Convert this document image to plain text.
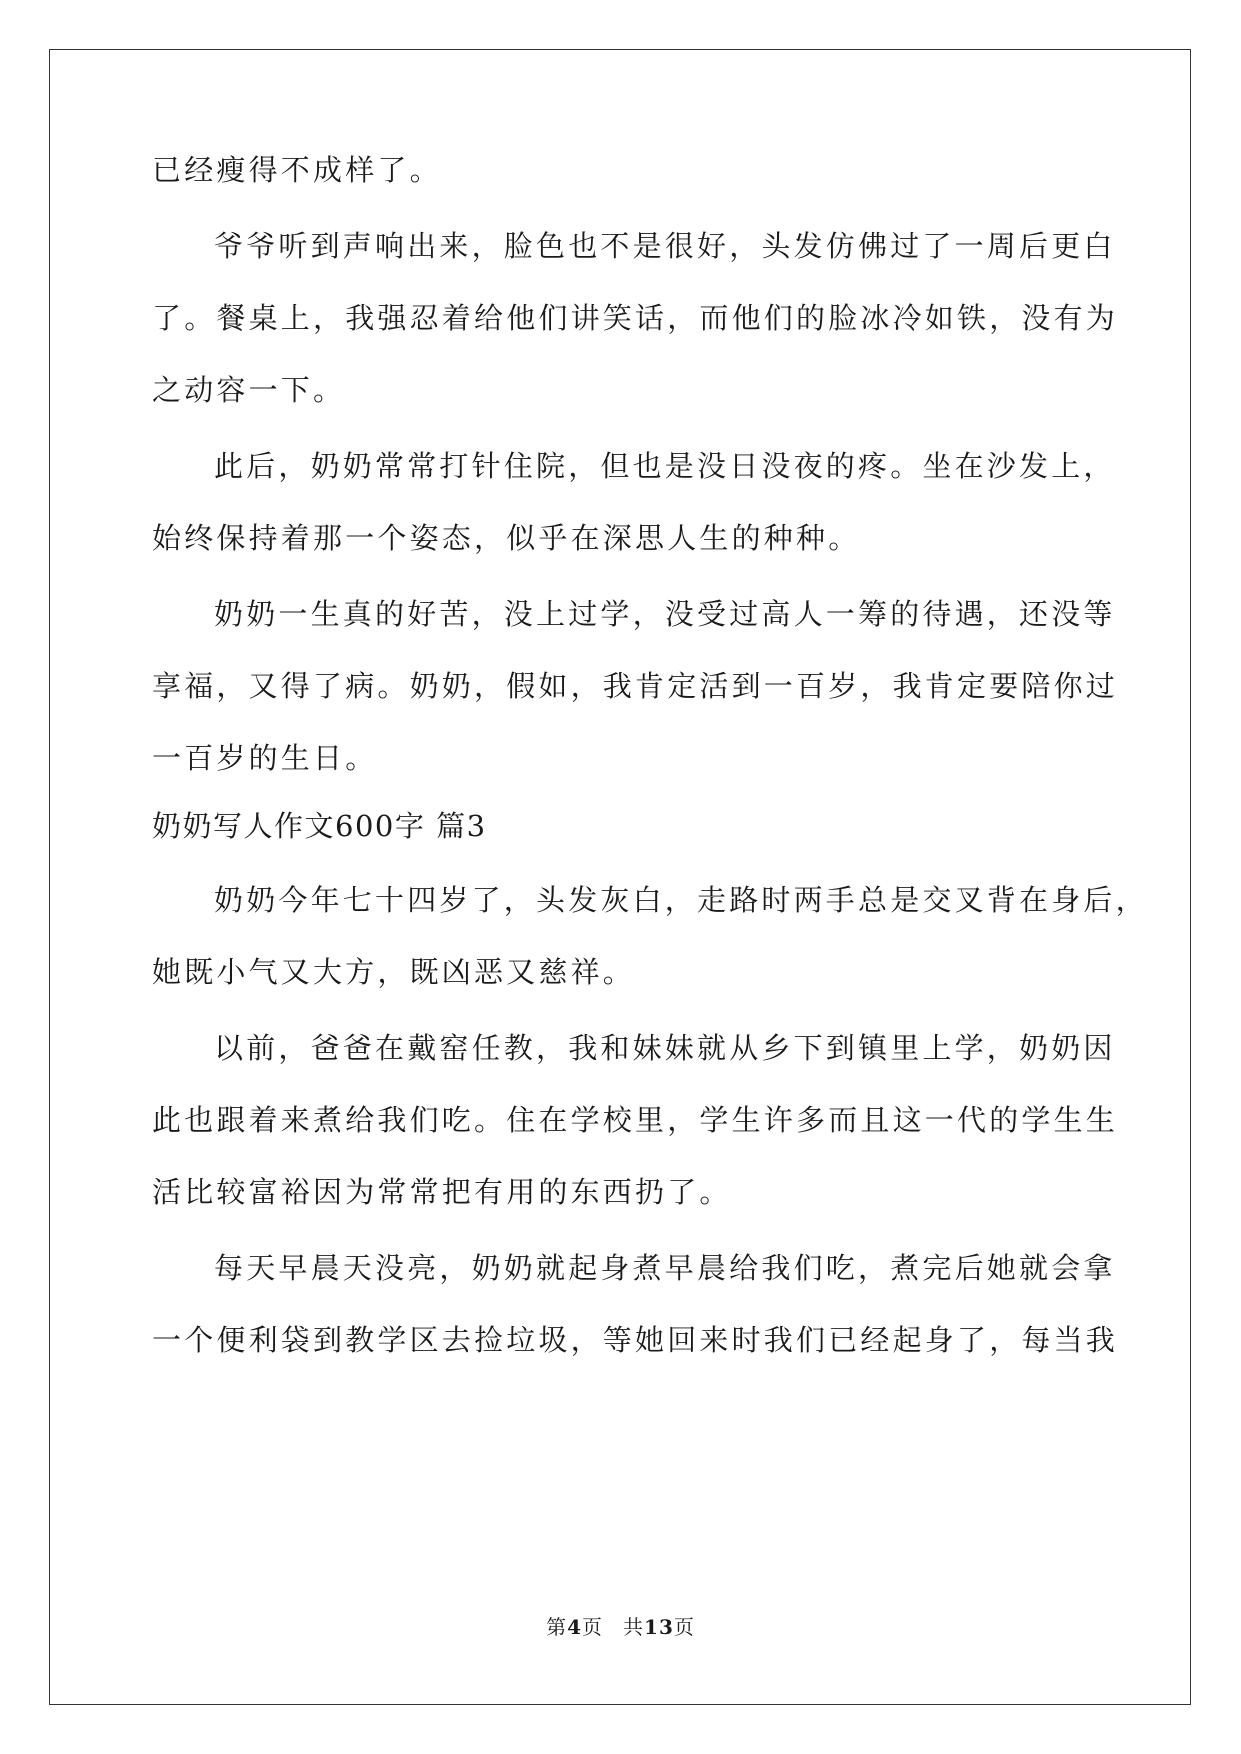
已经瘦得不成样了。
爷爷听到声响出来，脸色也不是很好，头发仿佛过了一周后更白
了。餐桌上，我强忍着给他们讲笑话，而他们的脸冰冷如铁，没有为
之动容一下。
此后，奶奶常常打针住院，但也是没日没夜的疼。坐在沙发上，
始终保持着那一个姿态，似乎在深思人生的种种。
奶奶一生真的好苦，没上过学，没受过高人一筹的待遇，还没等
享福，又得了病。奶奶，假如，我肯定活到一百岁，我肯定要陪你过
一百岁的生日。
奶奶写人作文600字 篇3
奶奶今年七十四岁了，头发灰白，走路时两手总是交叉背在身后，
她既小气又大方，既凶恶又慈祥。
以前，爸爸在戴窑任教，我和妹妹就从乡下到镇里上学，奶奶因
此也跟着来煮给我们吃。住在学校里，学生许多而且这一代的学生生
活比较富裕因为常常把有用的东西扔了。
每天早晨天没亮，奶奶就起身煮早晨给我们吃，煮完后她就会拿
一个便利袋到教学区去捡垃圾，等她回来时我们已经起身了，每当我
第4页 共13页
